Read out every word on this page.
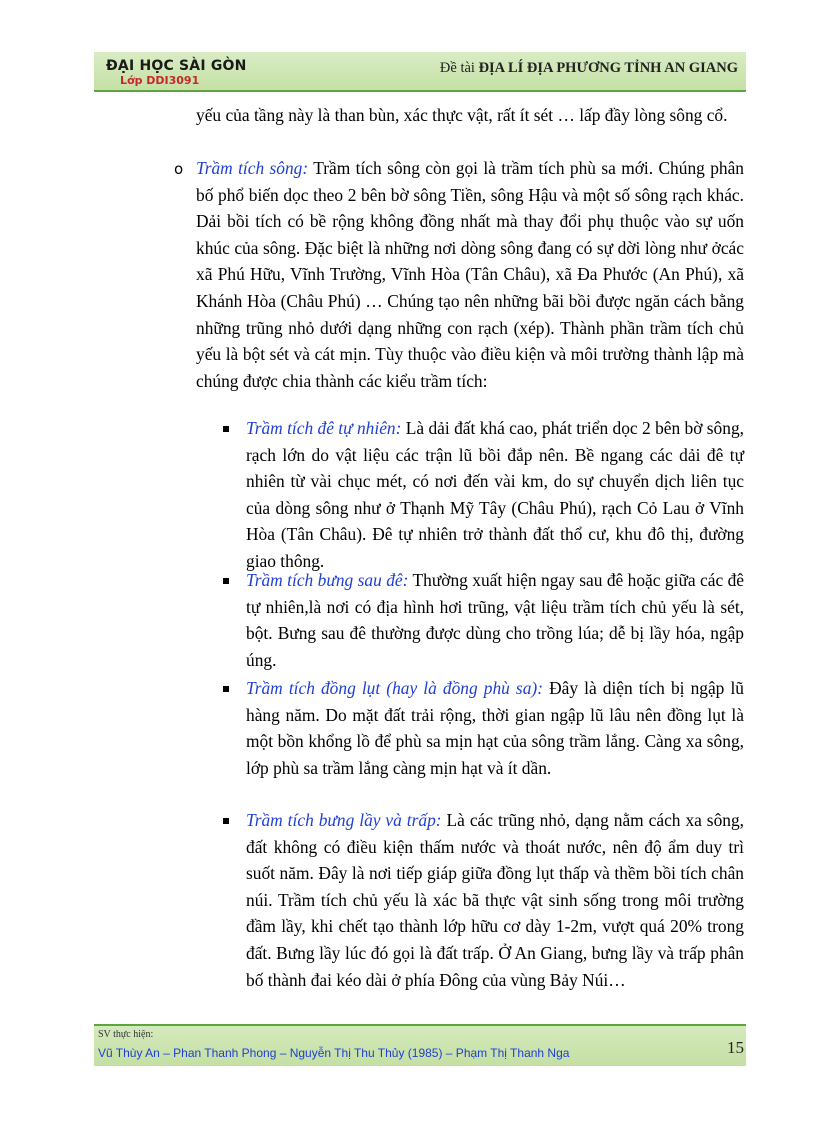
ĐẠI HỌC SÀI GÒN
Lớp DDI3091
Đề tài ĐỊA LÍ ĐỊA PHƯƠNG TỈNH AN GIANG
yếu của tầng này là than bùn, xác thực vật, rất ít sét … lấp đầy lòng sông cổ.
o Trầm tích sông: Trầm tích sông còn gọi là trầm tích phù sa mới. Chúng phân bố phổ biến dọc theo 2 bên bờ sông Tiền, sông Hậu và một số sông rạch khác. Dải bồi tích có bề rộng không đồng nhất mà thay đổi phụ thuộc vào sự uốn khúc của sông. Đặc biệt là những nơi dòng sông đang có sự dời lòng như ởcác xã Phú Hữu, Vĩnh Trường, Vĩnh Hòa (Tân Châu), xã Đa Phước (An Phú), xã Khánh Hòa (Châu Phú) … Chúng tạo nên những bãi bồi được ngăn cách bằng những trũng nhỏ dưới dạng những con rạch (xép). Thành phần trầm tích chủ yếu là bột sét và cát mịn. Tùy thuộc vào điều kiện và môi trường thành lập mà chúng được chia thành các kiểu trầm tích:
Trầm tích đê tự nhiên: Là dải đất khá cao, phát triển dọc 2 bên bờ sông, rạch lớn do vật liệu các trận lũ bồi đắp nên. Bề ngang các dải đê tự nhiên từ vài chục mét, có nơi đến vài km, do sự chuyển dịch liên tục của dòng sông như ở Thạnh Mỹ Tây (Châu Phú), rạch Cỏ Lau ở Vĩnh Hòa (Tân Châu). Đê tự nhiên trở thành đất thổ cư, khu đô thị, đường giao thông.
Trầm tích bưng sau đê: Thường xuất hiện ngay sau đê hoặc giữa các đê tự nhiên,là nơi có địa hình hơi trũng, vật liệu trầm tích chủ yếu là sét, bột. Bưng sau đê thường được dùng cho trồng lúa; dễ bị lầy hóa, ngập úng.
Trầm tích đồng lụt (hay là đồng phù sa): Đây là diện tích bị ngập lũ hàng năm. Do mặt đất trải rộng, thời gian ngập lũ lâu nên đồng lụt là một bồn khổng lồ để phù sa mịn hạt của sông trầm lắng. Càng xa sông, lớp phù sa trầm lắng càng mịn hạt và ít dần.
Trầm tích bưng lầy và trấp: Là các trũng nhỏ, dạng nằm cách xa sông, đất không có điều kiện thấm nước và thoát nước, nên độ ẩm duy trì suốt năm. Đây là nơi tiếp giáp giữa đồng lụt thấp và thềm bồi tích chân núi. Trầm tích chủ yếu là xác bã thực vật sinh sống trong môi trường đầm lầy, khi chết tạo thành lớp hữu cơ dày 1-2m, vượt quá 20% trong đất. Bưng lầy lúc đó gọi là đất trấp. Ở An Giang, bưng lầy và trấp phân bố thành đai kéo dài ở phía Đông của vùng Bảy Núi…
SV thực hiện:
Vũ Thùy An – Phan Thanh Phong – Nguyễn Thị Thu Thủy (1985) – Phạm Thị Thanh Nga	15
